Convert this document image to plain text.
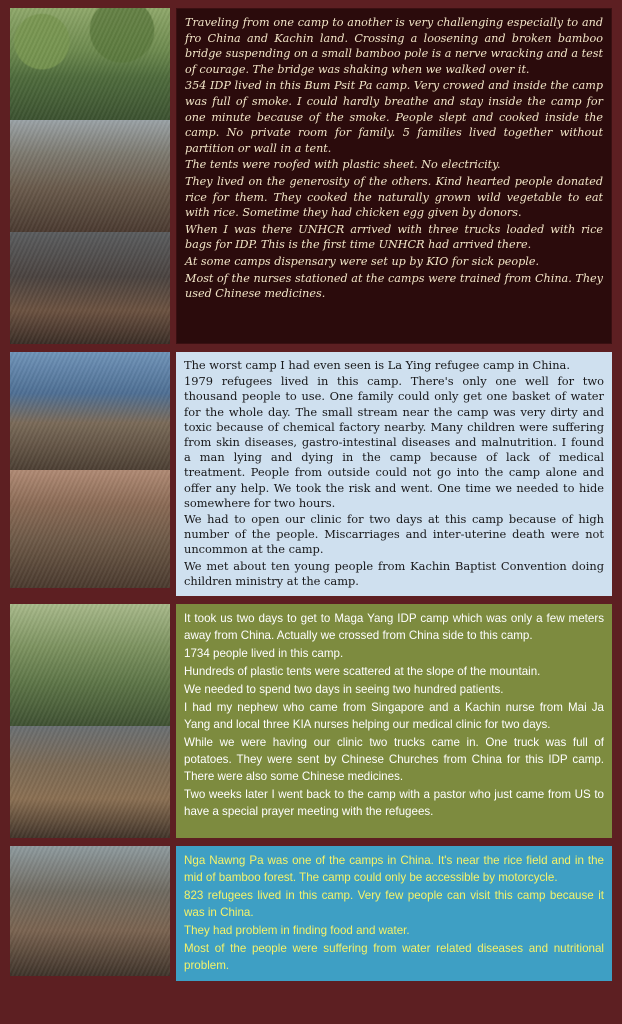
Traveling from one camp to another is very challenging especially to and fro China and Kachin land. Crossing a loosening and broken bamboo bridge suspending on a small bamboo pole is a nerve wracking and a test of courage. The bridge was shaking when we walked over it.

354 IDP lived in this Bum Psit Pa camp. Very crowed and inside the camp was full of smoke. I could hardly breathe and stay inside the camp for one minute because of the smoke. People slept and cooked inside the camp. No private room for family. 5 families lived together without partition or wall in a tent.

The tents were roofed with plastic sheet. No electricity.

They lived on the generosity of the others. Kind hearted people donated rice for them. They cooked the naturally grown wild vegetable to eat with rice. Sometime they had chicken egg given by donors.

When I was there UNHCR arrived with three trucks loaded with rice bags for IDP. This is the first time UNHCR had arrived there.

At some camps dispensary were set up by KIO for sick people.

Most of the nurses stationed at the camps were trained from China. They used Chinese medicines.

The worst camp I had even seen is La Ying refugee camp in China.

1979 refugees lived in this camp. There's only one well for two thousand people to use. One family could only get one basket of water for the whole day. The small stream near the camp was very dirty and toxic because of chemical factory nearby. Many children were suffering from skin diseases, gastro-intestinal diseases and malnutrition. I found a man lying and dying in the camp because of lack of medical treatment. People from outside could not go into the camp alone and offer any help. We took the risk and went. One time we needed to hide somewhere for two hours.

We had to open our clinic for two days at this camp because of high number of the people. Miscarriages and inter-uterine death were not uncommon at the camp.

We met about ten young people from Kachin Baptist Convention doing children ministry at the camp.

It took us two days to get to Maga Yang IDP camp which was only a few meters away from China. Actually we crossed from China side to this camp.

1734 people lived in this camp.

Hundreds of plastic tents were scattered at the slope of the mountain.

We needed to spend two days in seeing two hundred patients.

I had my nephew who came from Singapore and a Kachin nurse from Mai Ja Yang and local three KIA nurses helping our medical clinic for two days.

While we were having our clinic two trucks came in. One truck was full of potatoes. They were sent by Chinese Churches from China for this IDP camp. There were also some Chinese medicines.

Two weeks later I went back to the camp with a pastor who just came from US to have a special prayer meeting with the refugees.

Nga Nawng Pa was one of the camps in China. It's near the rice field and in the mid of bamboo forest. The camp could only be accessible by motorcycle.

823 refugees lived in this camp. Very few people can visit this camp because it was in China.

They had problem in finding food and water.

Most of the people were suffering from water related diseases and nutritional problem.
